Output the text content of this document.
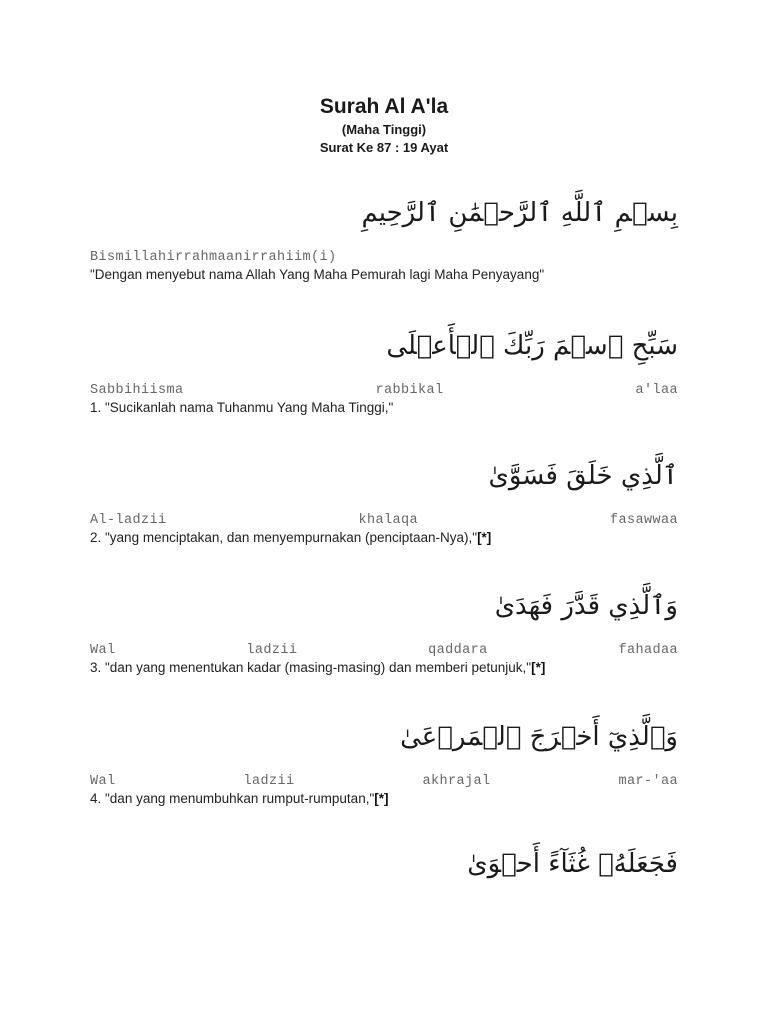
Surah Al A'la
(Maha Tinggi)
Surat Ke 87 : 19 Ayat
بِسۡمِ ٱللَّهِ ٱلرَّحۡمَٰنِ ٱلرَّحِيمِ
Bismillahirrahmaanirrahiim(i)
"Dengan menyebut nama Allah Yang Maha Pemurah lagi Maha Penyayang"
سَبِّحِ ٱسۡمَ رَبِّكَ ٱلۡأَعۡلَى
Sabbihiisma	rabbikal	a'laa
1. "Sucikanlah nama Tuhanmu Yang Maha Tinggi,"
ٱلَّذِي خَلَقَ فَسَوَّىٰ
Al-ladzii	khalaqa	fasawwaa
2. "yang menciptakan, dan menyempurnakan (penciptaan-Nya),"[*]
وَٱلَّذِي قَدَّرَ فَهَدَىٰ
Wal	ladzii	qaddara	fahadaa
3. "dan yang menentukan kadar (masing-masing) dan memberi petunjuk,"[*]
وَٱلَّذِيٓ أَخۡرَجَ ٱلۡمَرۡعَىٰ
Wal	ladzii	akhrajal	mar-'aa
4. "dan yang menumbuhkan rumput-rumputan,"[*]
فَجَعَلَهُۥ غُثَآءً أَحۡوَىٰ
